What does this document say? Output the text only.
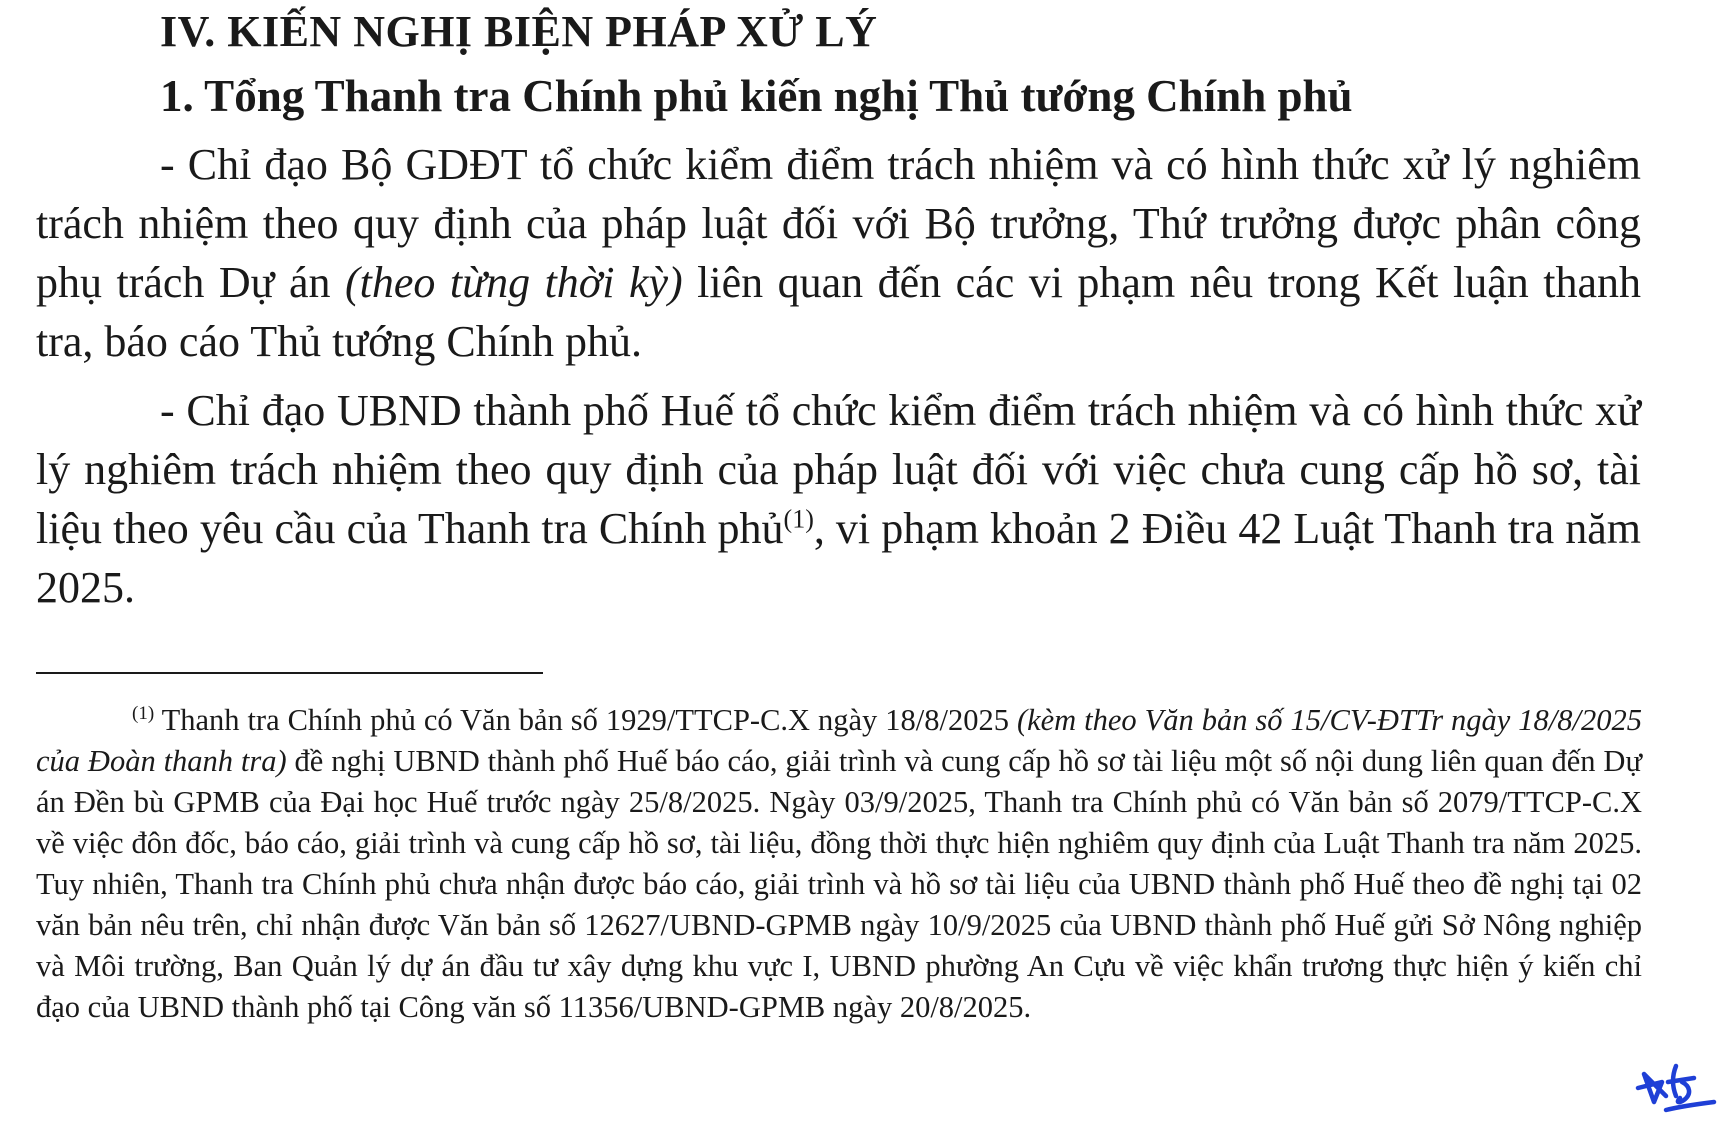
IV. KIẾN NGHỊ BIỆN PHÁP XỬ LÝ
1. Tổng Thanh tra Chính phủ kiến nghị Thủ tướng Chính phủ

- Chỉ đạo Bộ GDĐT tổ chức kiểm điểm trách nhiệm và có hình thức xử lý nghiêm trách nhiệm theo quy định của pháp luật đối với Bộ trưởng, Thứ trưởng được phân công phụ trách Dự án (theo từng thời kỳ) liên quan đến các vi phạm nêu trong Kết luận thanh tra, báo cáo Thủ tướng Chính phủ.

- Chỉ đạo UBND thành phố Huế tổ chức kiểm điểm trách nhiệm và có hình thức xử lý nghiêm trách nhiệm theo quy định của pháp luật đối với việc chưa cung cấp hồ sơ, tài liệu theo yêu cầu của Thanh tra Chính phủ$^{(1)}$, vi phạm khoản 2 Điều 42 Luật Thanh tra năm 2025.

$^{(1)}$ Thanh tra Chính phủ có Văn bản số 1929/TTCP-C.X ngày 18/8/2025 (kèm theo Văn bản số 15/CV-ĐTTr ngày 18/8/2025 của Đoàn thanh tra) đề nghị UBND thành phố Huế báo cáo, giải trình và cung cấp hồ sơ tài liệu một số nội dung liên quan đến Dự án Đền bù GPMB của Đại học Huế trước ngày 25/8/2025. Ngày 03/9/2025, Thanh tra Chính phủ có Văn bản số 2079/TTCP-C.X về việc đôn đốc, báo cáo, giải trình và cung cấp hồ sơ, tài liệu, đồng thời thực hiện nghiêm quy định của Luật Thanh tra năm 2025. Tuy nhiên, Thanh tra Chính phủ chưa nhận được báo cáo, giải trình và hồ sơ tài liệu của UBND thành phố Huế theo đề nghị tại 02 văn bản nêu trên, chỉ nhận được Văn bản số 12627/UBND-GPMB ngày 10/9/2025 của UBND thành phố Huế gửi Sở Nông nghiệp và Môi trường, Ban Quản lý dự án đầu tư xây dựng khu vực I, UBND phường An Cựu về việc khẩn trương thực hiện ý kiến chỉ đạo của UBND thành phố tại Công văn số 11356/UBND-GPMB ngày 20/8/2025.
